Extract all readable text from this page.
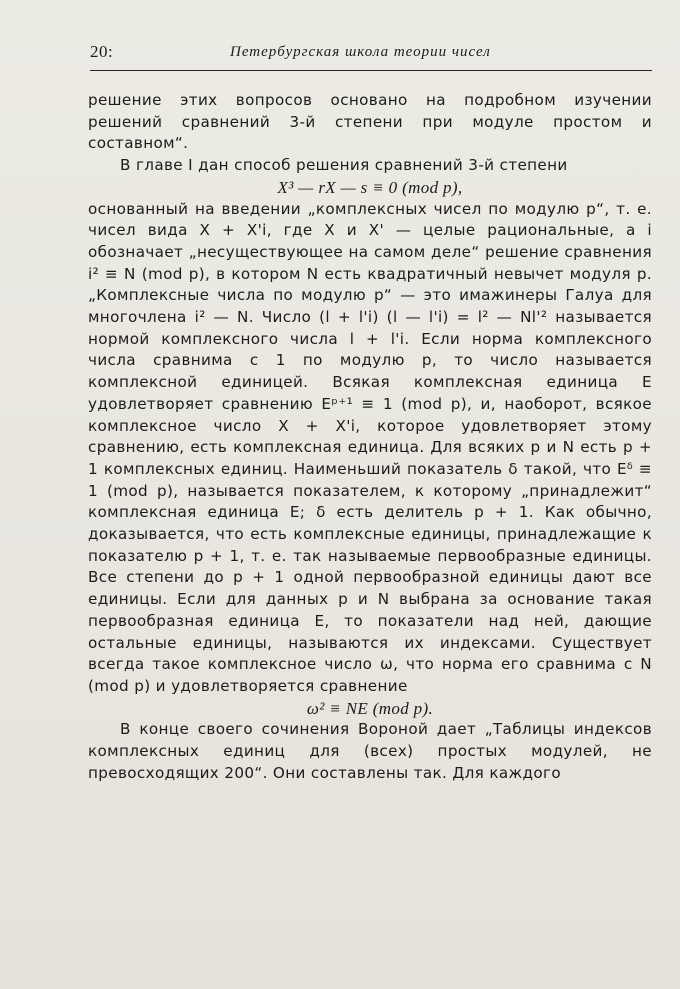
20:	Петербургская школа теории чисел

решение этих вопросов основано на подробном изучении решений сравнений 3-й степени при модуле простом и составном“.

В главе I дан способ решения сравнений 3-й степени

X³ — rX — s ≡ 0 (mod p),

основанный на введении „комплексных чисел по модулю p“, т. е. чисел вида X + X'i, где X и X' — целые рациональные, а i обозначает „несуществующее на самом деле“ решение сравнения i² ≡ N (mod p), в котором N есть квадратичный невычет модуля p. „Комплексные числа по модулю p“ — это имажинеры Галуа для многочлена i² — N. Число (l + l'i) (l — l'i) = l² — Nl'² называется нормой комплексного числа l + l'i. Если норма комплексного числа сравнима с 1 по модулю p, то число называется комплексной единицей. Всякая комплексная единица E удовлетворяет сравнению Eᵖ⁺¹ ≡ 1 (mod p), и, наоборот, всякое комплексное число X + X'i, которое удовлетворяет этому сравнению, есть комплексная единица. Для всяких p и N есть p + 1 комплексных единиц. Наименьший показатель δ такой, что Eᵟ ≡ 1 (mod p), называется показателем, к которому „принадлежит“ комплексная единица E; δ есть делитель p + 1. Как обычно, доказывается, что есть комплексные единицы, принадлежащие к показателю p + 1, т. е. так называемые первообразные единицы. Все степени до p + 1 одной первообразной единицы дают все единицы. Если для данных p и N выбрана за основание такая первообразная единица E, то показатели над ней, дающие остальные единицы, называются их индексами. Существует всегда такое комплексное число ω, что норма его сравнима с N (mod p) и удовлетворяется сравнение

ω² ≡ NE (mod p).

В конце своего сочинения Вороной дает „Таблицы индексов комплексных единиц для (всех) простых модулей, не превосходящих 200“. Они составлены так. Для каждого
